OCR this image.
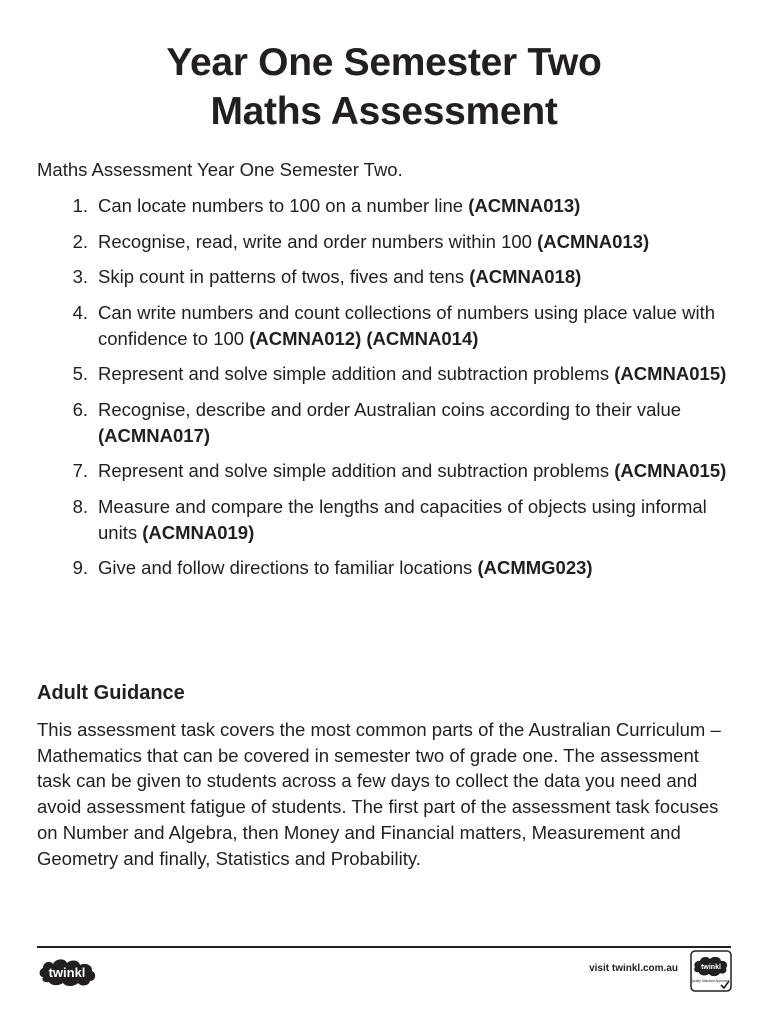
Year One Semester Two
Maths Assessment
Maths Assessment Year One Semester Two.
1. Can locate numbers to 100 on a number line (ACMNA013)
2. Recognise, read, write and order numbers within 100 (ACMNA013)
3. Skip count in patterns of twos, fives and tens (ACMNA018)
4. Can write numbers and count collections of numbers using place value with confidence to 100 (ACMNA012) (ACMNA014)
5. Represent and solve simple addition and subtraction problems (ACMNA015)
6. Recognise, describe and order Australian coins according to their value (ACMNA017)
7. Represent and solve simple addition and subtraction problems (ACMNA015)
8. Measure and compare the lengths and capacities of objects using informal units (ACMNA019)
9. Give and follow directions to familiar locations (ACMMG023)
Adult Guidance
This assessment task covers the most common parts of the Australian Curriculum – Mathematics that can be covered in semester two of grade one. The assessment task can be given to students across a few days to collect the data you need and avoid assessment fatigue of students. The first part of the assessment task focuses on Number and Algebra, then Money and Financial matters, Measurement and Geometry and finally, Statistics and Probability.
twinkl	visit twinkl.com.au	twinkl
Quality Standard Approved
